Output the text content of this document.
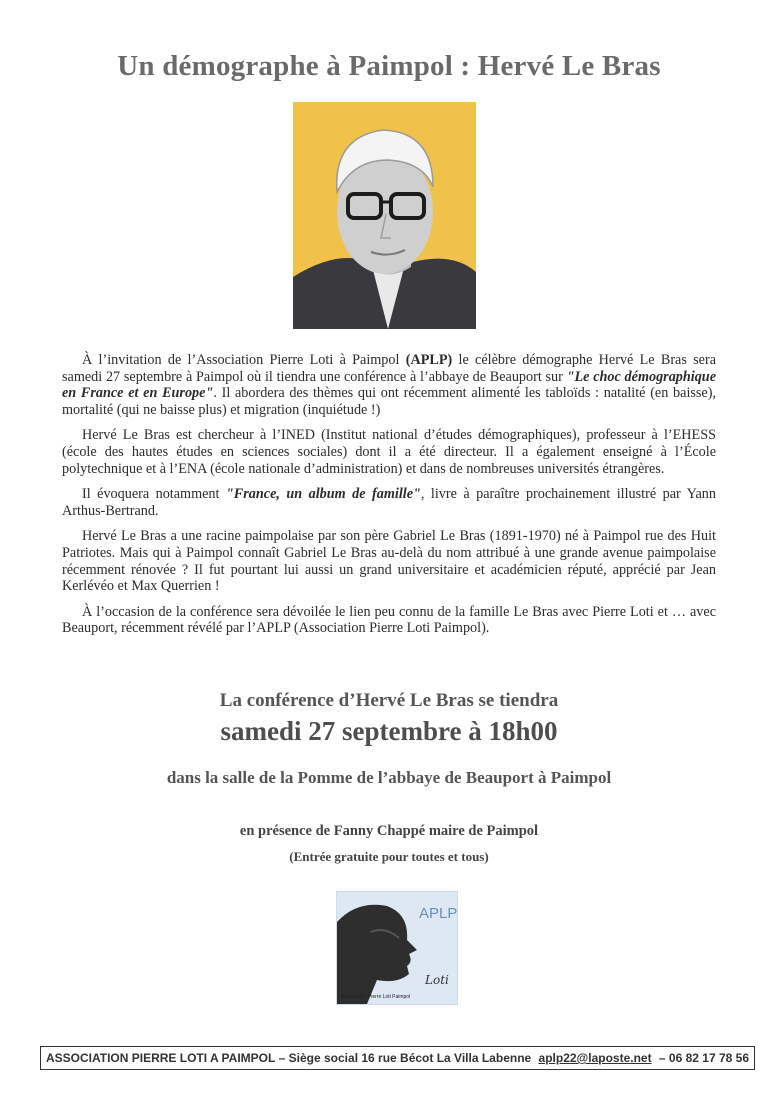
Un démographe à Paimpol : Hervé Le Bras

À l’invitation de l’Association Pierre Loti à Paimpol (APLP) le célèbre démographe Hervé Le Bras sera samedi 27 septembre à Paimpol où il tiendra une conférence à l’abbaye de Beauport sur "Le choc démographique en France et en Europe". Il abordera des thèmes qui ont récemment alimenté les tabloïds : natalité (en baisse), mortalité (qui ne baisse plus) et migration (inquiétude !)

Hervé Le Bras est chercheur à l’INED (Institut national d’études démographiques), professeur à l’EHESS (école des hautes études en sciences sociales) dont il a été directeur. Il a également enseigné à l’École polytechnique et à l’ENA (école nationale d’administration) et dans de nombreuses universités étrangères.

Il évoquera notamment "France, un album de famille", livre à paraître prochainement illustré par Yann Arthus-Bertrand.

Hervé Le Bras a une racine paimpolaise par son père Gabriel Le Bras (1891-1970) né à Paimpol rue des Huit Patriotes. Mais qui à Paimpol connaît Gabriel Le Bras au-delà du nom attribué à une grande avenue paimpolaise récemment rénovée ? Il fut pourtant lui aussi un grand universitaire et académicien réputé, apprécié par Jean Kerlévéo et Max Querrien !

À l’occasion de la conférence sera dévoilée le lien peu connu de la famille Le Bras avec Pierre Loti et … avec Beauport, récemment révélé par l’APLP (Association Pierre Loti Paimpol).

La conférence d’Hervé Le Bras se tiendra
samedi 27 septembre à 18h00
dans la salle de la Pomme de l’abbaye de Beauport à Paimpol
en présence de Fanny Chappé maire de Paimpol
(Entrée gratuite pour toutes et tous)
APLP
Loti
Association Pierre Loti Paimpol
ASSOCIATION PIERRE LOTI A PAIMPOL – Siège social 16 rue Bécot La Villa Labenne aplp22@laposte.net – 06 82 17 78 56
